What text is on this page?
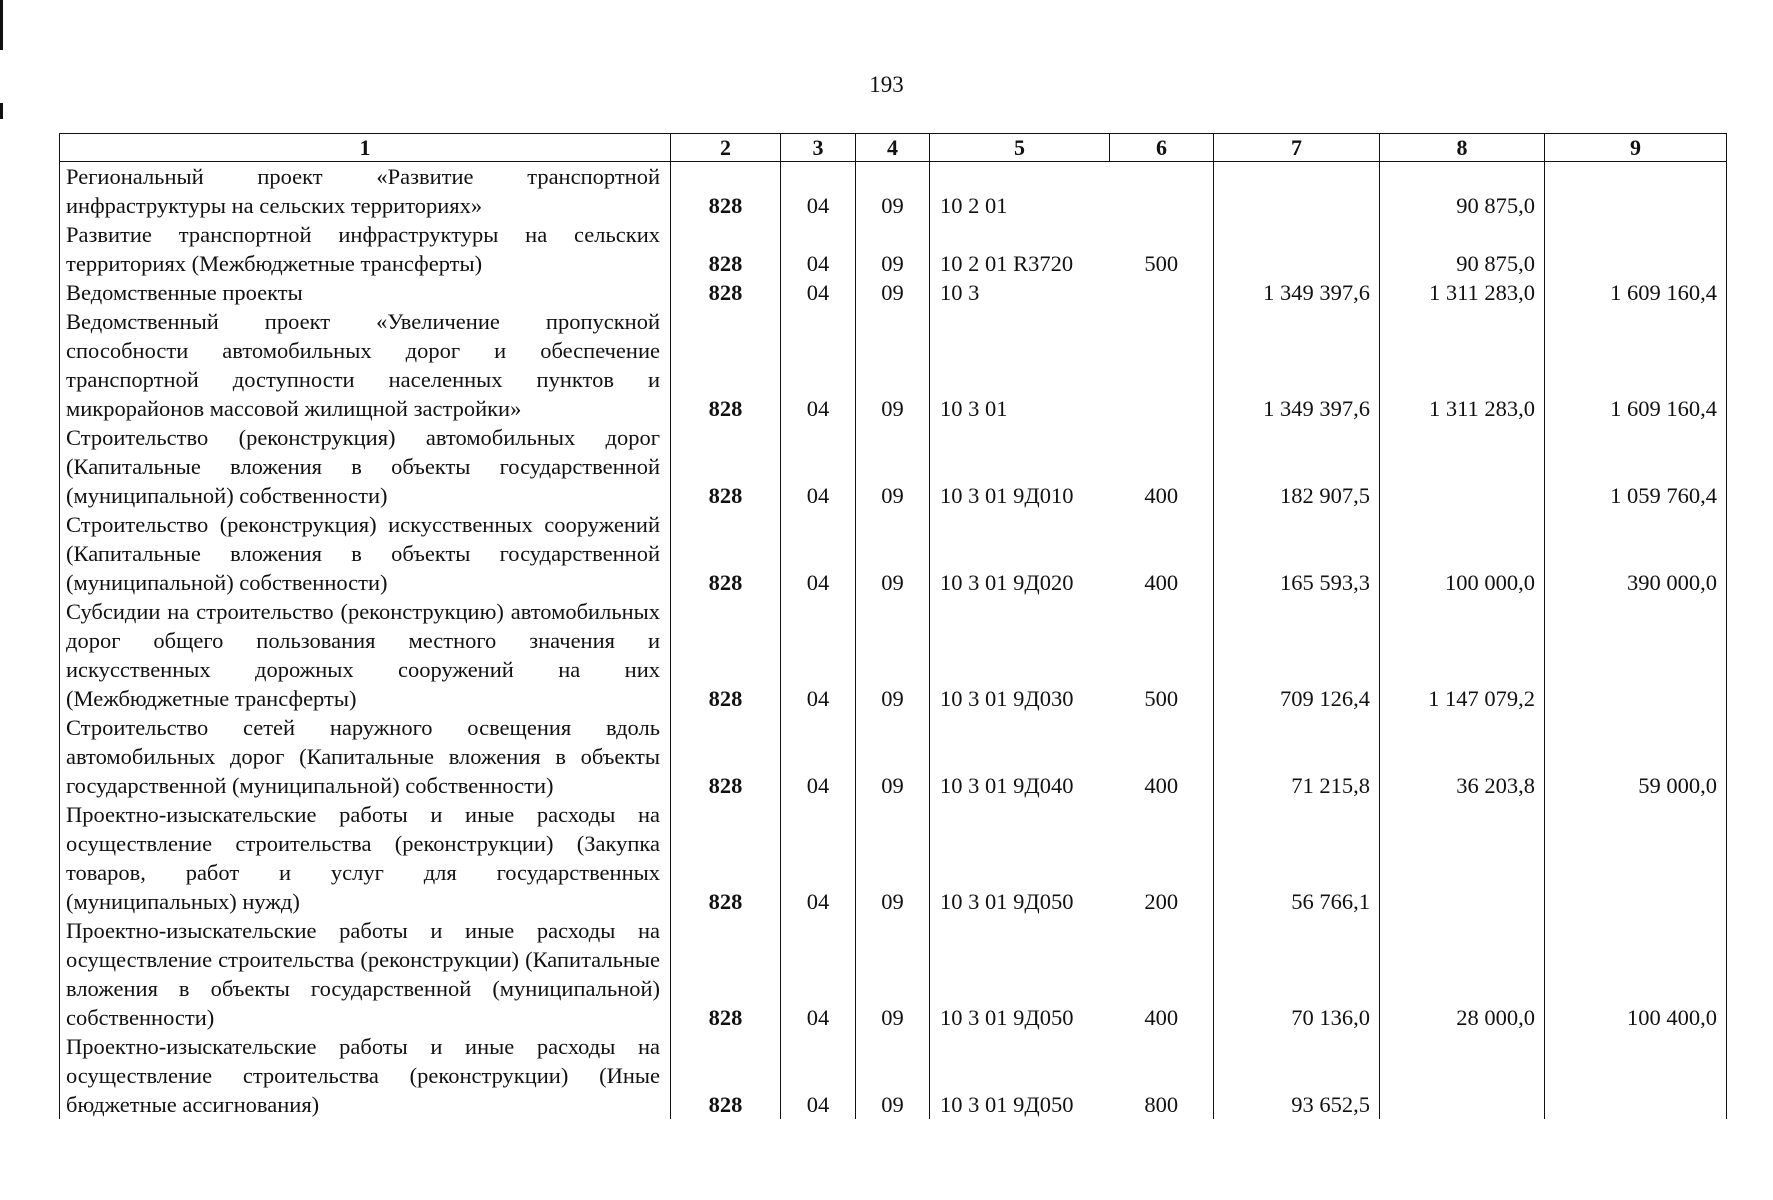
193
1	2	3	4	5	6	7	8	9
Региональный проект «Развитие транспортной инфраструктуры на сельских территориях»	828	04	09	10 2 01			90 875,0	
Развитие транспортной инфраструктуры на сельских территориях (Межбюджетные трансферты)	828	04	09	10 2 01 R3720	500		90 875,0	
Ведомственные проекты	828	04	09	10 3		1 349 397,6	1 311 283,0	1 609 160,4
Ведомственный проект «Увеличение пропускной способности автомобильных дорог и обеспечение транспортной доступности населенных пунктов и микрорайонов массовой жилищной застройки»	828	04	09	10 3 01		1 349 397,6	1 311 283,0	1 609 160,4
Строительство (реконструкция) автомобильных дорог (Капитальные вложения в объекты государственной (муниципальной) собственности)	828	04	09	10 3 01 9Д010	400	182 907,5		1 059 760,4
Строительство (реконструкция) искусственных сооружений (Капитальные вложения в объекты государственной (муниципальной) собственности)	828	04	09	10 3 01 9Д020	400	165 593,3	100 000,0	390 000,0
Субсидии на строительство (реконструкцию) автомобильных дорог общего пользования местного значения и искусственных дорожных сооружений на них (Межбюджетные трансферты)	828	04	09	10 3 01 9Д030	500	709 126,4	1 147 079,2	
Строительство сетей наружного освещения вдоль автомобильных дорог (Капитальные вложения в объекты государственной (муниципальной) собственности)	828	04	09	10 3 01 9Д040	400	71 215,8	36 203,8	59 000,0
Проектно-изыскательские работы и иные расходы на осуществление строительства (реконструкции) (Закупка товаров, работ и услуг для государственных (муниципальных) нужд)	828	04	09	10 3 01 9Д050	200	56 766,1		
Проектно-изыскательские работы и иные расходы на осуществление строительства (реконструкции) (Капитальные вложения в объекты государственной (муниципальной) собственности)	828	04	09	10 3 01 9Д050	400	70 136,0	28 000,0	100 400,0
Проектно-изыскательские работы и иные расходы на осуществление строительства (реконструкции) (Иные бюджетные ассигнования)	828	04	09	10 3 01 9Д050	800	93 652,5		
